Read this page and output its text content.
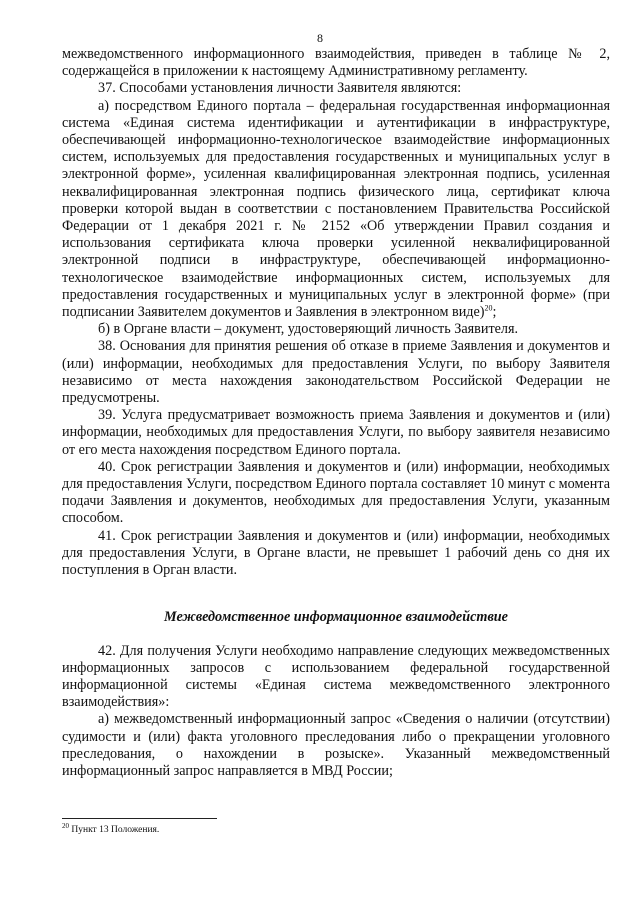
8

межведомственного информационного взаимодействия, приведен в таблице № 2, содержащейся в приложении к настоящему Административному регламенту.

37. Способами установления личности Заявителя являются:

а) посредством Единого портала – федеральная государственная информационная система «Единая система идентификации и аутентификации в инфраструктуре, обеспечивающей информационно-технологическое взаимодействие информационных систем, используемых для предоставления государственных и муниципальных услуг в электронной форме», усиленная квалифицированная электронная подпись, усиленная неквалифицированная электронная подпись физического лица, сертификат ключа проверки которой выдан в соответствии с постановлением Правительства Российской Федерации от 1 декабря 2021 г. № 2152 «Об утверждении Правил создания и использования сертификата ключа проверки усиленной неквалифицированной электронной подписи в инфраструктуре, обеспечивающей информационно-технологическое взаимодействие информационных систем, используемых для предоставления государственных и муниципальных услуг в электронной форме» (при подписании Заявителем документов и Заявления в электронном виде)$^{20}$;

б) в Органе власти – документ, удостоверяющий личность Заявителя.

38. Основания для принятия решения об отказе в приеме Заявления и документов и (или) информации, необходимых для предоставления Услуги, по выбору Заявителя независимо от места нахождения законодательством Российской Федерации не предусмотрены.

39. Услуга предусматривает возможность приема Заявления и документов и (или) информации, необходимых для предоставления Услуги, по выбору заявителя независимо от его места нахождения посредством Единого портала.

40. Срок регистрации Заявления и документов и (или) информации, необходимых для предоставления Услуги, посредством Единого портала составляет 10 минут с момента подачи Заявления и документов, необходимых для предоставления Услуги, указанным способом.

41. Срок регистрации Заявления и документов и (или) информации, необходимых для предоставления Услуги, в Органе власти, не превышет 1 рабочий день со дня их поступления в Орган власти.

Межведомственное информационное взаимодействие

42. Для получения Услуги необходимо направление следующих межведомственных информационных запросов с использованием федеральной государственной информационной системы «Единая система межведомственного электронного взаимодействия»:

а) межведомственный информационный запрос «Сведения о наличии (отсутствии) судимости и (или) факта уголовного преследования либо о прекращении уголовного преследования, о нахождении в розыске». Указанный межведомственный информационный запрос направляется в МВД России;

$^{20}$ Пункт 13 Положения.
